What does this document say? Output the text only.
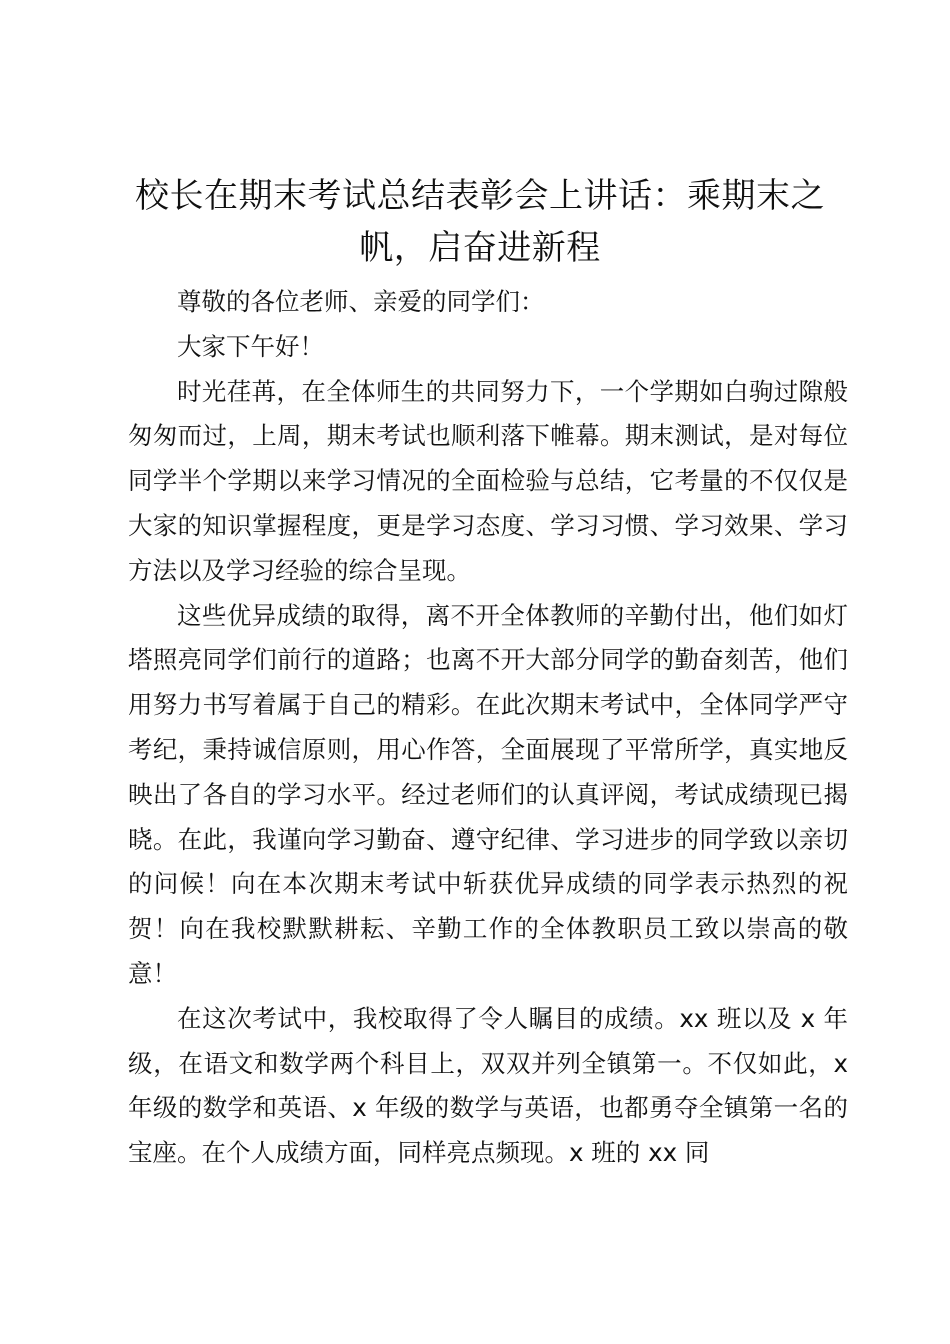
校长在期末考试总结表彰会上讲话：乘期末之帆，启奋进新程

尊敬的各位老师、亲爱的同学们：

大家下午好！

时光荏苒，在全体师生的共同努力下，一个学期如白驹过隙般匆匆而过，上周，期末考试也顺利落下帷幕。期末测试，是对每位同学半个学期以来学习情况的全面检验与总结，它考量的不仅仅是大家的知识掌握程度，更是学习态度、学习习惯、学习效果、学习方法以及学习经验的综合呈现。

这些优异成绩的取得，离不开全体教师的辛勤付出，他们如灯塔照亮同学们前行的道路；也离不开大部分同学的勤奋刻苦，他们用努力书写着属于自己的精彩。在此次期末考试中，全体同学严守考纪，秉持诚信原则，用心作答，全面展现了平常所学，真实地反映出了各自的学习水平。经过老师们的认真评阅，考试成绩现已揭晓。在此，我谨向学习勤奋、遵守纪律、学习进步的同学致以亲切的问候！向在本次期末考试中斩获优异成绩的同学表示热烈的祝贺！向在我校默默耕耘、辛勤工作的全体教职员工致以崇高的敬意！

在这次考试中，我校取得了令人瞩目的成绩。xx 班以及 x 年级，在语文和数学两个科目上，双双并列全镇第一。不仅如此，x 年级的数学和英语、x 年级的数学与英语，也都勇夺全镇第一名的宝座。在个人成绩方面，同样亮点频现。x 班的 xx 同
